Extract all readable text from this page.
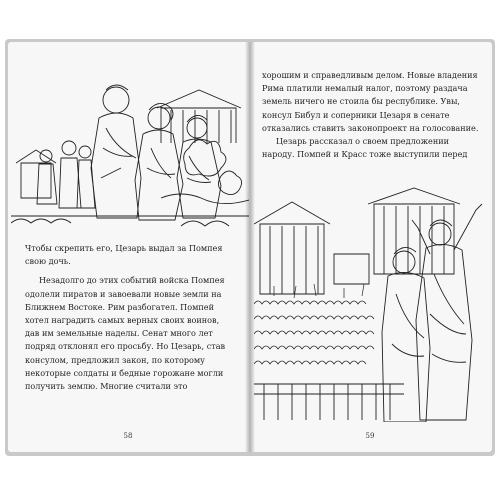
Чтобы скрепить его, Цезарь выдал за Помпея свою дочь.

Незадолго до этих событий войска Помпея одолели пиратов и завоевали новые земли на Ближнем Востоке. Рим разбогател. Помпей хотел наградить самых верных своих воинов, дав им земельные наделы. Сенат много лет подряд отклонял его просьбу. Но Цезарь, став консулом, предложил закон, по которому некоторые солдаты и бедные горожане могли получить землю. Многие считали это

58

хорошим и справедливым делом. Новые владения Рима платили немалый налог, поэтому раздача земель ничего не стоила бы республике. Увы, консул Бибул и соперники Цезаря в сенате отказались ставить законопроект на голосование.

Цезарь рассказал о своем предложении народу. Помпей и Красс тоже выступили перед

59
